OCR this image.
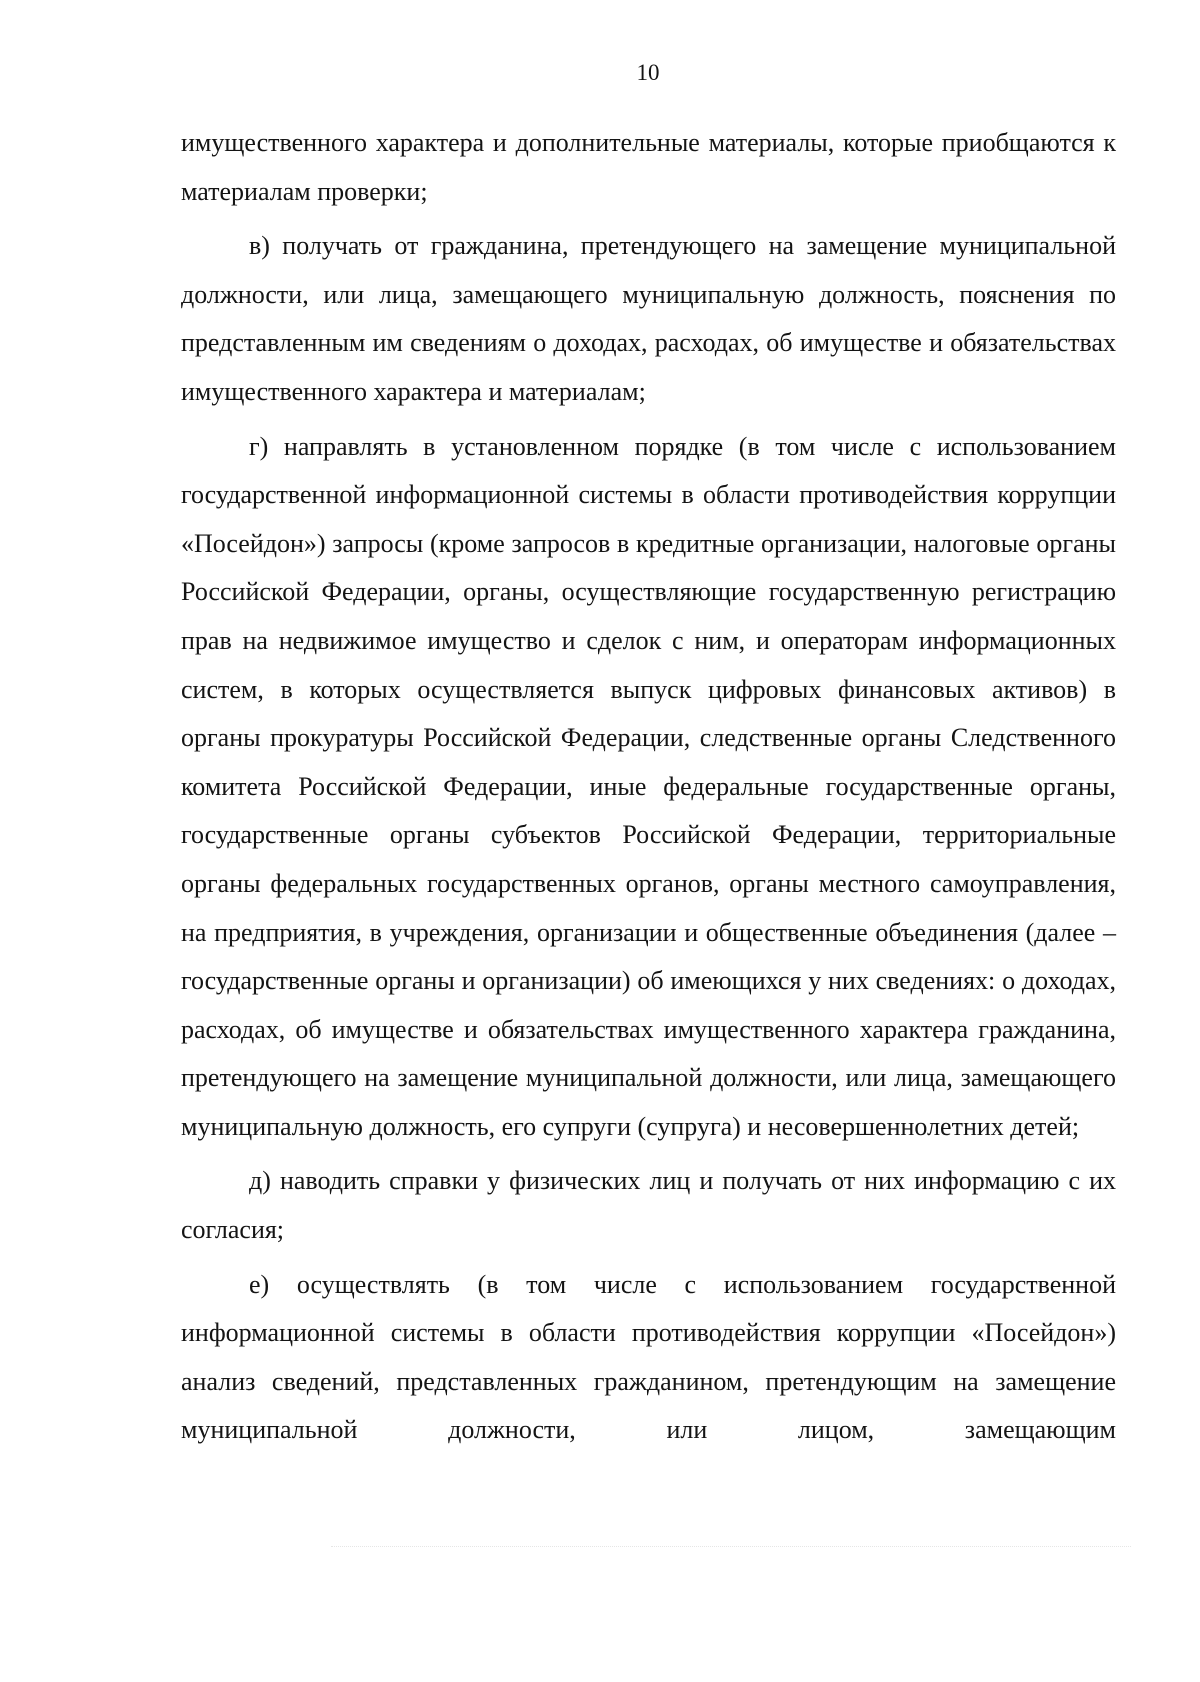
10

имущественного характера и дополнительные материалы, которые приобщаются к материалам проверки;

в) получать от гражданина, претендующего на замещение муниципальной должности, или лица, замещающего муниципальную должность, пояснения по представленным им сведениям о доходах, расходах, об имуществе и обязательствах имущественного характера и материалам;

г) направлять в установленном порядке (в том числе с использованием государственной информационной системы в области противодействия коррупции «Посейдон») запросы (кроме запросов в кредитные организации, налоговые органы Российской Федерации, органы, осуществляющие государственную регистрацию прав на недвижимое имущество и сделок с ним, и операторам информационных систем, в которых осуществляется выпуск цифровых финансовых активов) в органы прокуратуры Российской Федерации, следственные органы Следственного комитета Российской Федерации, иные федеральные государственные органы, государственные органы субъектов Российской Федерации, территориальные органы федеральных государственных органов, органы местного самоуправления, на предприятия, в учреждения, организации и общественные объединения (далее – государственные органы и организации) об имеющихся у них сведениях: о доходах, расходах, об имуществе и обязательствах имущественного характера гражданина, претендующего на замещение муниципальной должности, или лица, замещающего муниципальную должность, его супруги (супруга) и несовершеннолетних детей;

д) наводить справки у физических лиц и получать от них информацию с их согласия;

е) осуществлять (в том числе с использованием государственной информационной системы в области противодействия коррупции «Посейдон») анализ сведений, представленных гражданином, претендующим на замещение муниципальной должности, или лицом, замещающим
